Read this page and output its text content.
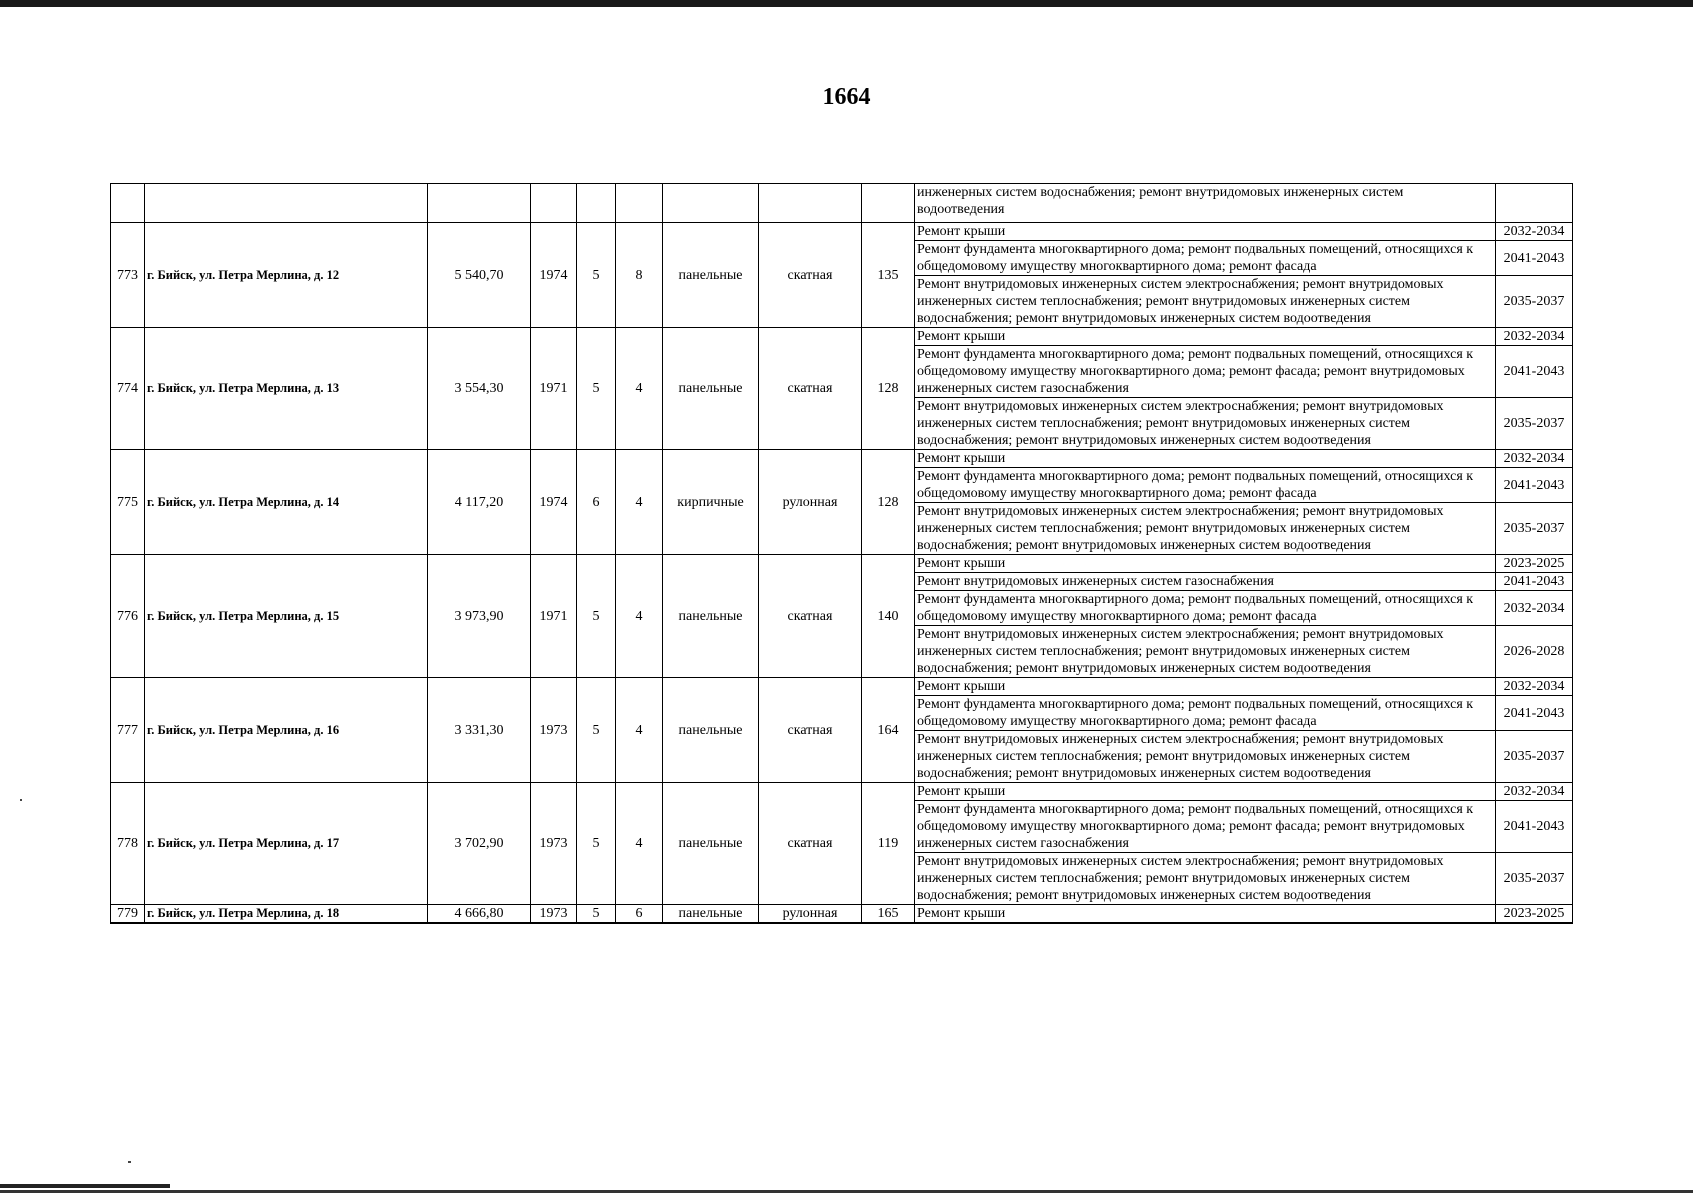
1664
									инженерных систем водоснабжения; ремонт внутридомовых инженерных систем водоотведения	
773	г. Бийск, ул. Петра Мерлина, д. 12	5 540,70	1974	5	8	панельные	скатная	135	Ремонт крыши	2032-2034
									Ремонт фундамента многоквартирного дома; ремонт подвальных помещений, относящихся к общедомовому имуществу многоквартирного дома; ремонт фасада	2041-2043
									Ремонт внутридомовых инженерных систем электроснабжения; ремонт внутридомовых инженерных систем теплоснабжения; ремонт внутридомовых инженерных систем водоснабжения; ремонт внутридомовых инженерных систем водоотведения	2035-2037
774	г. Бийск, ул. Петра Мерлина, д. 13	3 554,30	1971	5	4	панельные	скатная	128	Ремонт крыши	2032-2034
									Ремонт фундамента многоквартирного дома; ремонт подвальных помещений, относящихся к общедомовому имуществу многоквартирного дома; ремонт фасада; ремонт внутридомовых инженерных систем газоснабжения	2041-2043
									Ремонт внутридомовых инженерных систем электроснабжения; ремонт внутридомовых инженерных систем теплоснабжения; ремонт внутридомовых инженерных систем водоснабжения; ремонт внутридомовых инженерных систем водоотведения	2035-2037
775	г. Бийск, ул. Петра Мерлина, д. 14	4 117,20	1974	6	4	кирпичные	рулонная	128	Ремонт крыши	2032-2034
									Ремонт фундамента многоквартирного дома; ремонт подвальных помещений, относящихся к общедомовому имуществу многоквартирного дома; ремонт фасада	2041-2043
									Ремонт внутридомовых инженерных систем электроснабжения; ремонт внутридомовых инженерных систем теплоснабжения; ремонт внутридомовых инженерных систем водоснабжения; ремонт внутридомовых инженерных систем водоотведения	2035-2037
776	г. Бийск, ул. Петра Мерлина, д. 15	3 973,90	1971	5	4	панельные	скатная	140	Ремонт крыши	2023-2025
									Ремонт внутридомовых инженерных систем газоснабжения	2041-2043
									Ремонт фундамента многоквартирного дома; ремонт подвальных помещений, относящихся к общедомовому имуществу многоквартирного дома; ремонт фасада	2032-2034
									Ремонт внутридомовых инженерных систем электроснабжения; ремонт внутридомовых инженерных систем теплоснабжения; ремонт внутридомовых инженерных систем водоснабжения; ремонт внутридомовых инженерных систем водоотведения	2026-2028
777	г. Бийск, ул. Петра Мерлина, д. 16	3 331,30	1973	5	4	панельные	скатная	164	Ремонт крыши	2032-2034
									Ремонт фундамента многоквартирного дома; ремонт подвальных помещений, относящихся к общедомовому имуществу многоквартирного дома; ремонт фасада	2041-2043
									Ремонт внутридомовых инженерных систем электроснабжения; ремонт внутридомовых инженерных систем теплоснабжения; ремонт внутридомовых инженерных систем водоснабжения; ремонт внутридомовых инженерных систем водоотведения	2035-2037
778	г. Бийск, ул. Петра Мерлина, д. 17	3 702,90	1973	5	4	панельные	скатная	119	Ремонт крыши	2032-2034
									Ремонт фундамента многоквартирного дома; ремонт подвальных помещений, относящихся к общедомовому имуществу многоквартирного дома; ремонт фасада; ремонт внутридомовых инженерных систем газоснабжения	2041-2043
									Ремонт внутридомовых инженерных систем электроснабжения; ремонт внутридомовых инженерных систем теплоснабжения; ремонт внутридомовых инженерных систем водоснабжения; ремонт внутридомовых инженерных систем водоотведения	2035-2037
779	г. Бийск, ул. Петра Мерлина, д. 18	4 666,80	1973	5	6	панельные	рулонная	165	Ремонт крыши	2023-2025
